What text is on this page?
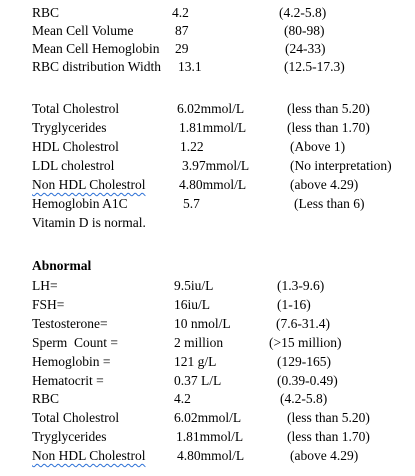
RBC	4.2	(4.2-5.8)
Mean Cell Volume	87	(80-98)
Mean Cell Hemoglobin 29	(24-33)
RBC distribution Width 13.1	(12.5-17.3)
Total Cholestrol	6.02mmol/L	(less than 5.20)
Tryglycerides	1.81mmol/L	(less than 1.70)
HDL Cholestrol	1.22	(Above 1)
LDL cholestrol	3.97mmol/L	(No interpretation)
Non HDL Cholestrol 4.80mmol/L	(above 4.29)
Hemoglobin A1C	5.7	(Less than 6)
Vitamin D is normal.
Abnormal
LH=	9.5iu/L	(1.3-9.6)
FSH=	16iu/L	(1-16)
Testosterone=	10 nmol/L	(7.6-31.4)
Sperm  Count =	2 million	(>15 million)
Hemoglobin =	121 g/L	(129-165)
Hematocrit =	0.37 L/L	(0.39-0.49)
RBC	4.2	(4.2-5.8)
Total Cholestrol	6.02mmol/L	(less than 5.20)
Tryglycerides	1.81mmol/L	(less than 1.70)
Non HDL Cholestrol 4.80mmol/L	(above 4.29)
